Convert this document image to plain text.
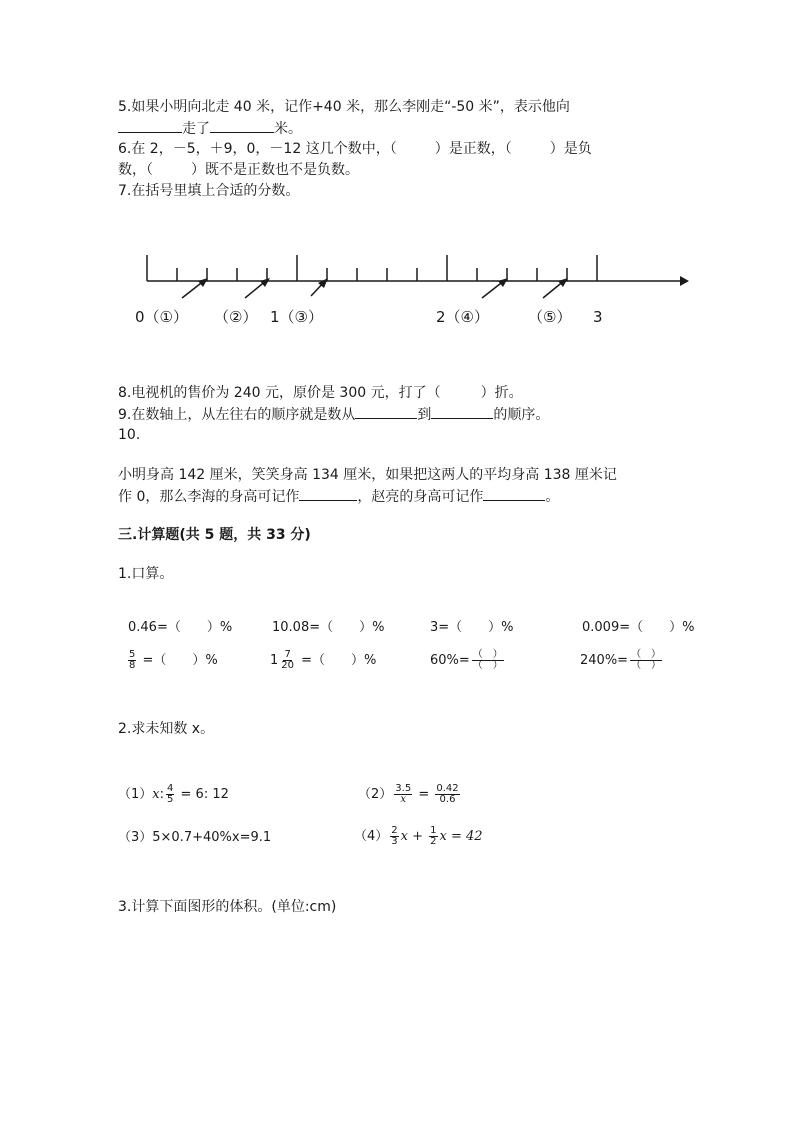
5.如果小明向北走 40 米，记作+40 米，那么李刚走“-50 米”，表示他向
走了	米。
6.在 2，－5，＋9，0，－12 这几个数中，（	）是正数，（	）是负
数，（	）既不是正数也不是负数。
7.在括号里填上合适的分数。
0（①） （②） 1（③）	2（④）	（⑤） 3
8.电视机的售价为 240 元，原价是 300 元，打了（	）折。
9.在数轴上，从左往右的顺序就是数从	到	的顺序。
10.
小明身高 142 厘米，笑笑身高 134 厘米，如果把这两人的平均身高 138 厘米记
作 0，那么李海的身高可记作	，赵亮的身高可记作	。
三.计算题(共 5 题，共 33 分)
1.口算。
0.46=（　　）%	10.08=（　　）%	3=（　　）%	0.009=（　　）%
$\frac{5}{8}$ =（　　）%	$1 \frac{7}{20}$ =（　　）%	$60\%= \frac{( )}{( )}$	$240\%= \frac{( )}{( )}$
2.求未知数 x。
（1）x: $\frac{4}{5} = 6$: 12	$(2) \frac{3.5}{x} = \frac{0.42}{0.6}$
（3）5×0.7+40%x=9.1	$(4) \frac{2}{3}$ $x + \frac{1}{2}$ x = 42
3.计算下面图形的体积。(单位:cm)
